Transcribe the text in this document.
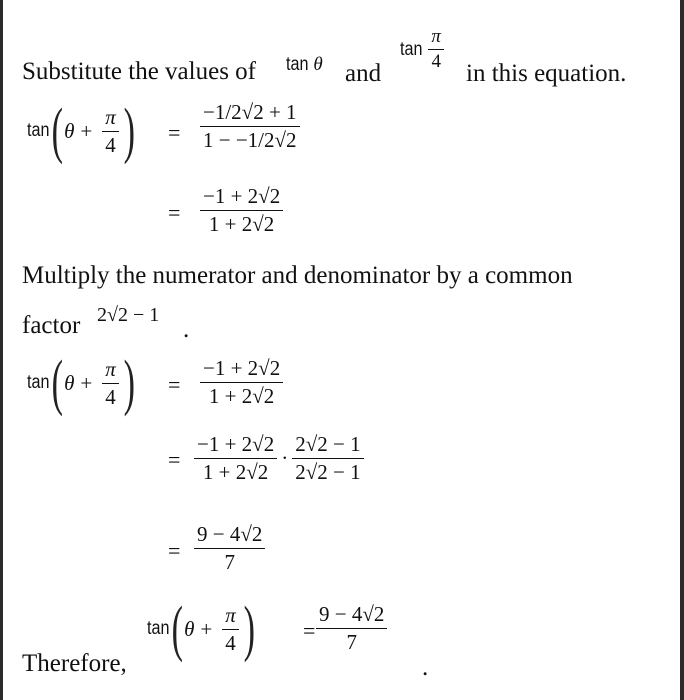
Substitute the values of tan θ and
$\tan \frac{\pi}{4}$
in this equation.
tan ( $\theta + \frac{\pi}{4}$ ) = $\frac{-1/2√2 + 1}{1 - -1/2√2}$
= $\frac{-1 + 2√2}{1 + 2√2}$
Multiply the numerator and denominator by a common
factor 2√2 − 1
.
tan ( $\theta + \frac{\pi}{4}$ ) = $\frac{-1 + 2√2}{1 + 2√2}$
= $\frac{-1 + 2√2}{1 + 2√2} \cdot \frac{2√2 - 1}{2√2 - 1}$
= $\frac{9 - 4√2}{7}$
Therefore,
tan ( $\theta + \frac{\pi}{4}$ ) = $\frac{9 - 4√2}{7}$
.
